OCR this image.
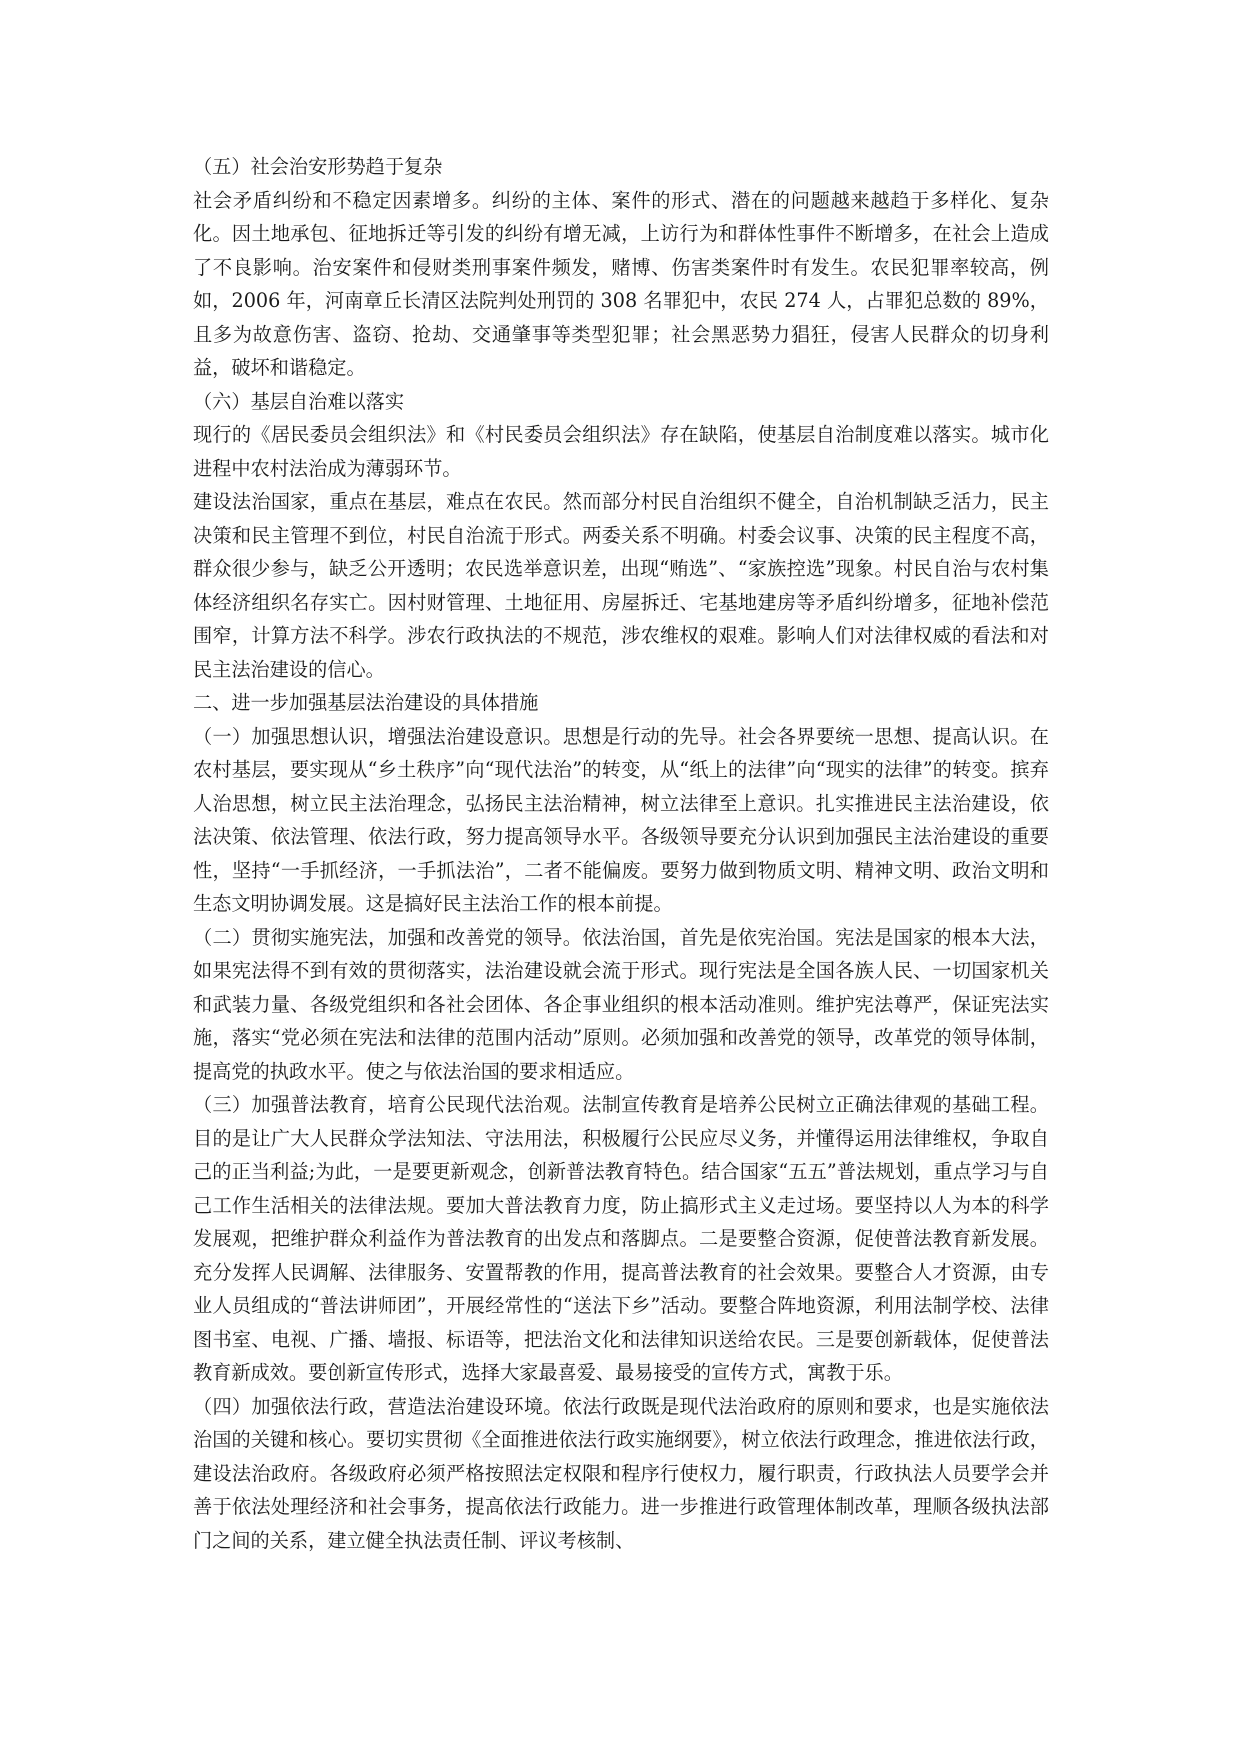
（五）社会治安形势趋于复杂

社会矛盾纠纷和不稳定因素增多。纠纷的主体、案件的形式、潜在的问题越来越趋于多样化、复杂化。因土地承包、征地拆迁等引发的纠纷有增无减，上访行为和群体性事件不断增多，在社会上造成了不良影响。治安案件和侵财类刑事案件频发，赌博、伤害类案件时有发生。农民犯罪率较高，例如，2006 年，河南章丘长清区法院判处刑罚的 308 名罪犯中，农民 274 人，占罪犯总数的 89%，且多为故意伤害、盗窃、抢劫、交通肇事等类型犯罪；社会黑恶势力猖狂，侵害人民群众的切身利益，破坏和谐稳定。

（六）基层自治难以落实

现行的《居民委员会组织法》和《村民委员会组织法》存在缺陷，使基层自治制度难以落实。城市化进程中农村法治成为薄弱环节。

建设法治国家，重点在基层，难点在农民。然而部分村民自治组织不健全，自治机制缺乏活力，民主决策和民主管理不到位，村民自治流于形式。两委关系不明确。村委会议事、决策的民主程度不高，群众很少参与，缺乏公开透明；农民选举意识差，出现“贿选”、“家族控选”现象。村民自治与农村集体经济组织名存实亡。因村财管理、土地征用、房屋拆迁、宅基地建房等矛盾纠纷增多，征地补偿范围窄，计算方法不科学。涉农行政执法的不规范，涉农维权的艰难。影响人们对法律权威的看法和对民主法治建设的信心。

二、进一步加强基层法治建设的具体措施

（一）加强思想认识，增强法治建设意识。思想是行动的先导。社会各界要统一思想、提高认识。在农村基层，要实现从“乡土秩序”向“现代法治”的转变，从“纸上的法律”向“现实的法律”的转变。摈弃人治思想，树立民主法治理念，弘扬民主法治精神，树立法律至上意识。扎实推进民主法治建设，依法决策、依法管理、依法行政，努力提高领导水平。各级领导要充分认识到加强民主法治建设的重要性，坚持“一手抓经济，一手抓法治”，二者不能偏废。要努力做到物质文明、精神文明、政治文明和生态文明协调发展。这是搞好民主法治工作的根本前提。

（二）贯彻实施宪法，加强和改善党的领导。依法治国，首先是依宪治国。宪法是国家的根本大法，如果宪法得不到有效的贯彻落实，法治建设就会流于形式。现行宪法是全国各族人民、一切国家机关和武装力量、各级党组织和各社会团体、各企事业组织的根本活动准则。维护宪法尊严，保证宪法实施，落实“党必须在宪法和法律的范围内活动”原则。必须加强和改善党的领导，改革党的领导体制，提高党的执政水平。使之与依法治国的要求相适应。

（三）加强普法教育，培育公民现代法治观。法制宣传教育是培养公民树立正确法律观的基础工程。目的是让广大人民群众学法知法、守法用法，积极履行公民应尽义务，并懂得运用法律维权，争取自己的正当利益;为此，一是要更新观念，创新普法教育特色。结合国家“五五”普法规划，重点学习与自己工作生活相关的法律法规。要加大普法教育力度，防止搞形式主义走过场。要坚持以人为本的科学发展观，把维护群众利益作为普法教育的出发点和落脚点。二是要整合资源，促使普法教育新发展。充分发挥人民调解、法律服务、安置帮教的作用，提高普法教育的社会效果。要整合人才资源，由专业人员组成的“普法讲师团”，开展经常性的“送法下乡”活动。要整合阵地资源，利用法制学校、法律图书室、电视、广播、墙报、标语等，把法治文化和法律知识送给农民。三是要创新载体，促使普法教育新成效。要创新宣传形式，选择大家最喜爱、最易接受的宣传方式，寓教于乐。

（四）加强依法行政，营造法治建设环境。依法行政既是现代法治政府的原则和要求，也是实施依法治国的关键和核心。要切实贯彻《全面推进依法行政实施纲要》，树立依法行政理念，推进依法行政，建设法治政府。各级政府必须严格按照法定权限和程序行使权力，履行职责，行政执法人员要学会并善于依法处理经济和社会事务，提高依法行政能力。进一步推进行政管理体制改革，理顺各级执法部门之间的关系，建立健全执法责任制、评议考核制、
